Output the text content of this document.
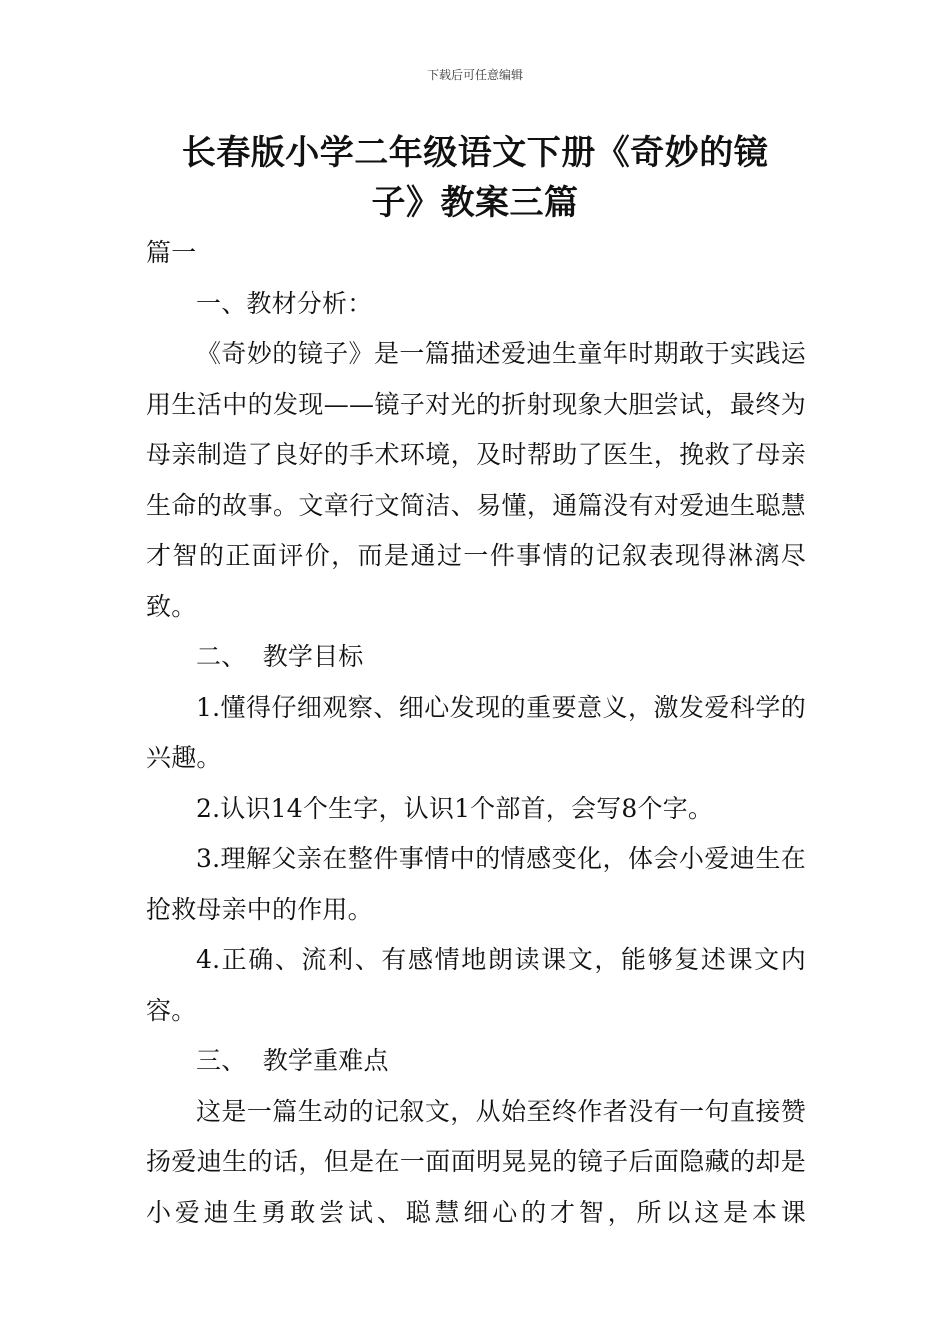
下载后可任意编辑
长春版小学二年级语文下册《奇妙的镜
子》教案三篇

篇一

一、教材分析：

《奇妙的镜子》是一篇描述爱迪生童年时期敢于实践运用生活中的发现——镜子对光的折射现象大胆尝试，最终为母亲制造了良好的手术环境，及时帮助了医生，挽救了母亲生命的故事。文章行文简洁、易懂，通篇没有对爱迪生聪慧才智的正面评价，而是通过一件事情的记叙表现得淋漓尽致。

二、  教学目标

1.懂得仔细观察、细心发现的重要意义，激发爱科学的兴趣。

2.认识14个生字，认识1个部首，会写8个字。

3.理解父亲在整件事情中的情感变化，体会小爱迪生在抢救母亲中的作用。

4.正确、流利、有感情地朗读课文，能够复述课文内容。

三、  教学重难点

这是一篇生动的记叙文，从始至终作者没有一句直接赞扬爱迪生的话，但是在一面面明晃晃的镜子后面隐藏的却是小爱迪生勇敢尝试、聪慧细心的才智，所以这是本课
